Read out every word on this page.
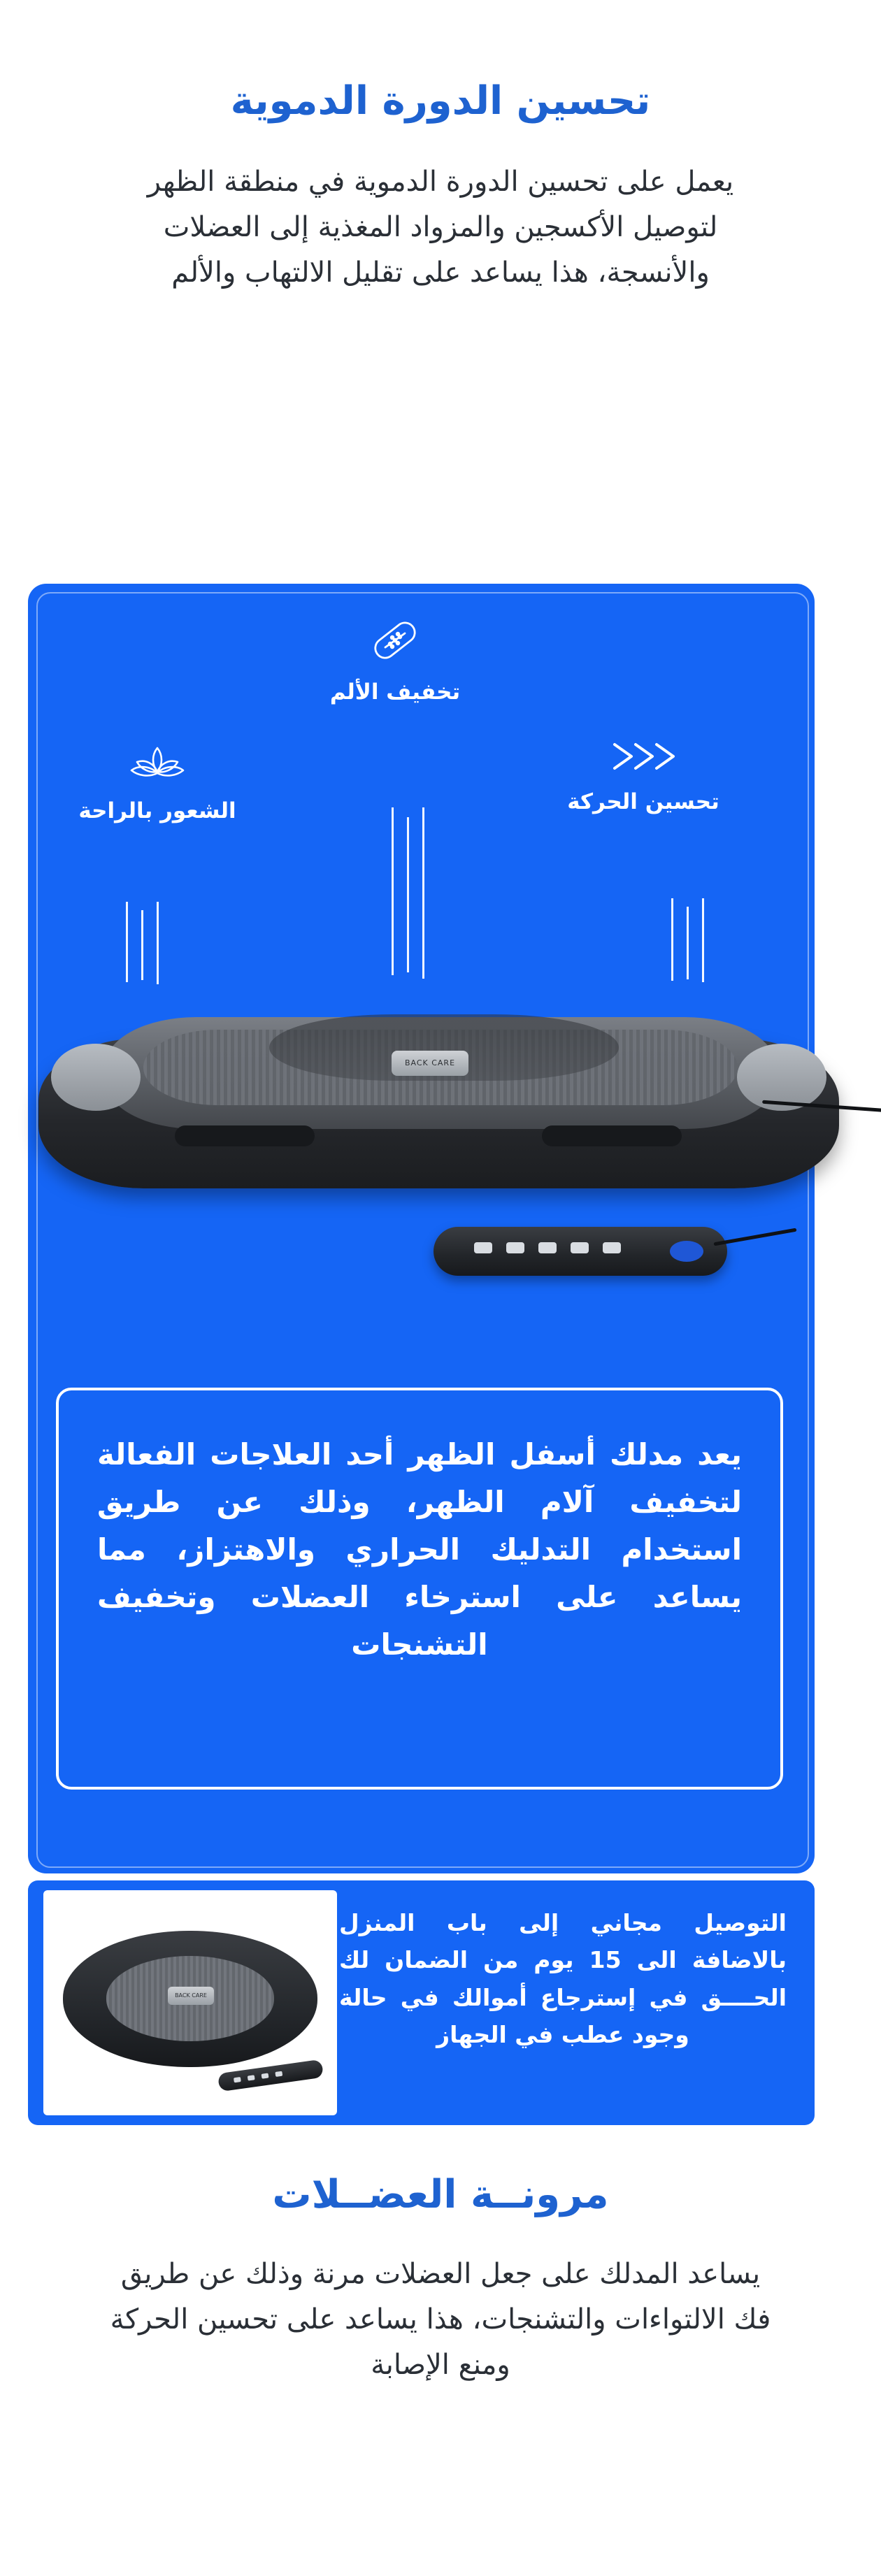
تحسين الدورة الدموية

يعمل على تحسين الدورة الدموية في منطقة الظهر لتوصيل الأكسجين والمزواد المغذية إلى العضلات والأنسجة، هذا يساعد على تقليل الالتهاب والألم

الشعور بالراحة
تخفيف الألم
تحسين الحركة
BACK CARE
يعد مدلك أسفل الظهر أحد العلاجات الفعالة لتخفيف آلام الظهر، وذلك عن طريق استخدام التدليك الحراري والاهتزاز، مما يساعد على استرخاء العضلات وتخفيف التشنجات
التوصيل مجاني إلى باب المنزل بالاضافة الى 15 يوم من الضمان لك الحــــق في إسترجاع أموالك في حالة وجود عطب في الجهاز
BACK CARE
مرونــة العضــلات

يساعد المدلك على جعل العضلات مرنة وذلك عن طريق فك الالتواءات والتشنجات، هذا يساعد على تحسين الحركة ومنع الإصابة
